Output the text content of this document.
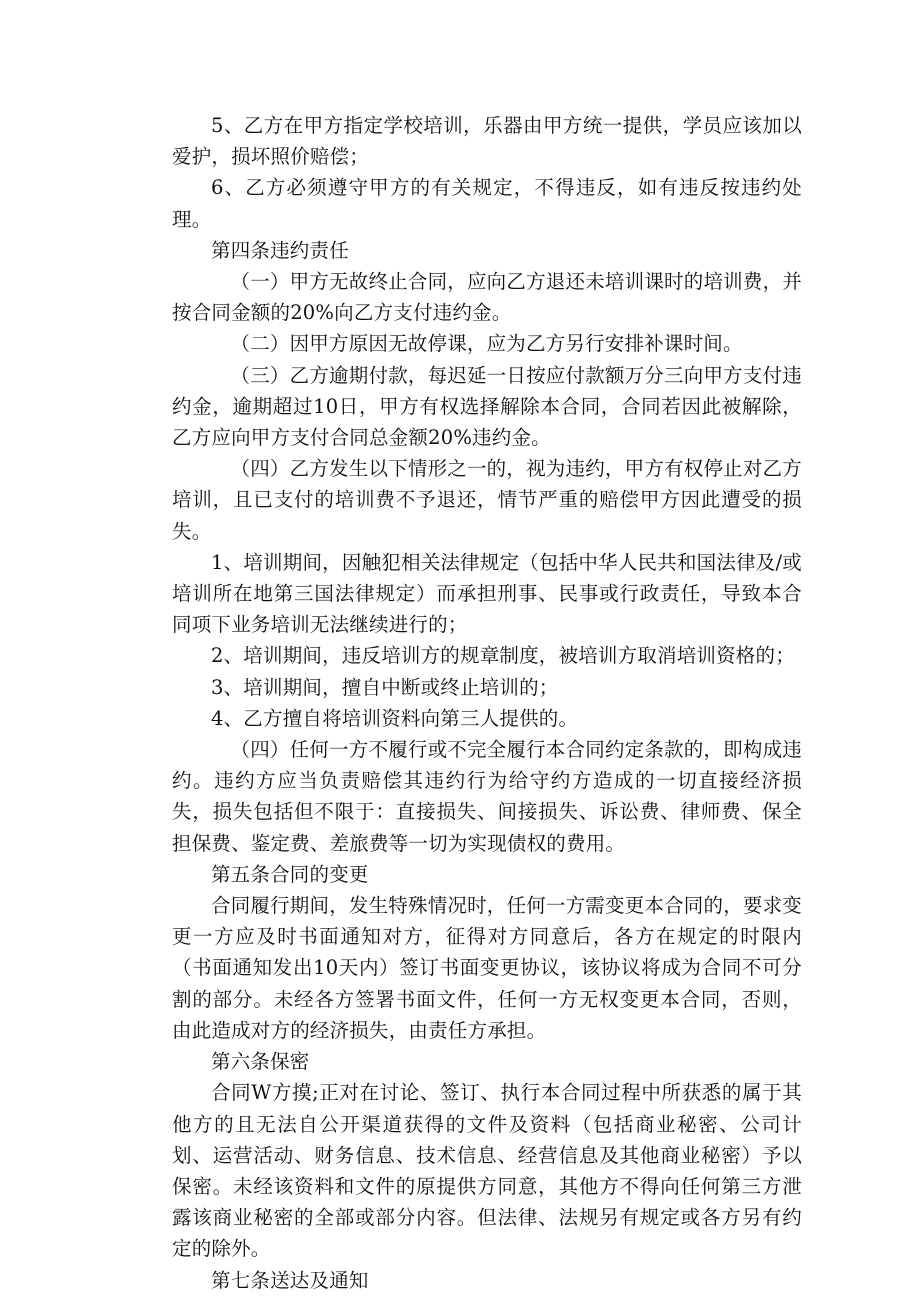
5、乙方在甲方指定学校培训，乐器由甲方统一提供，学员应该加以爱护，损坏照价赔偿；

6、乙方必须遵守甲方的有关规定，不得违反，如有违反按违约处理。

第四条违约责任

（一）甲方无故终止合同，应向乙方退还未培训课时的培训费，并按合同金额的20%向乙方支付违约金。

（二）因甲方原因无故停课，应为乙方另行安排补课时间。

（三）乙方逾期付款，每迟延一日按应付款额万分三向甲方支付违约金，逾期超过10日，甲方有权选择解除本合同，合同若因此被解除，乙方应向甲方支付合同总金额20%违约金。

（四）乙方发生以下情形之一的，视为违约，甲方有权停止对乙方培训，且已支付的培训费不予退还，情节严重的赔偿甲方因此遭受的损失。

1、培训期间，因触犯相关法律规定（包括中华人民共和国法律及/或培训所在地第三国法律规定）而承担刑事、民事或行政责任，导致本合同项下业务培训无法继续进行的；

2、培训期间，违反培训方的规章制度，被培训方取消培训资格的；

3、培训期间，擅自中断或终止培训的；

4、乙方擅自将培训资料向第三人提供的。

（四）任何一方不履行或不完全履行本合同约定条款的，即构成违约。违约方应当负责赔偿其违约行为给守约方造成的一切直接经济损失，损失包括但不限于：直接损失、间接损失、诉讼费、律师费、保全担保费、鉴定费、差旅费等一切为实现债权的费用。

第五条合同的变更

合同履行期间，发生特殊情况时，任何一方需变更本合同的，要求变更一方应及时书面通知对方，征得对方同意后，各方在规定的时限内（书面通知发出10天内）签订书面变更协议，该协议将成为合同不可分割的部分。未经各方签署书面文件，任何一方无权变更本合同，否则，由此造成对方的经济损失，由责任方承担。

第六条保密

合同W方摸;正对在讨论、签订、执行本合同过程中所获悉的属于其他方的且无法自公开渠道获得的文件及资料（包括商业秘密、公司计划、运营活动、财务信息、技术信息、经营信息及其他商业秘密）予以保密。未经该资料和文件的原提供方同意，其他方不得向任何第三方泄露该商业秘密的全部或部分内容。但法律、法规另有规定或各方另有约定的除外。

第七条送达及通知
